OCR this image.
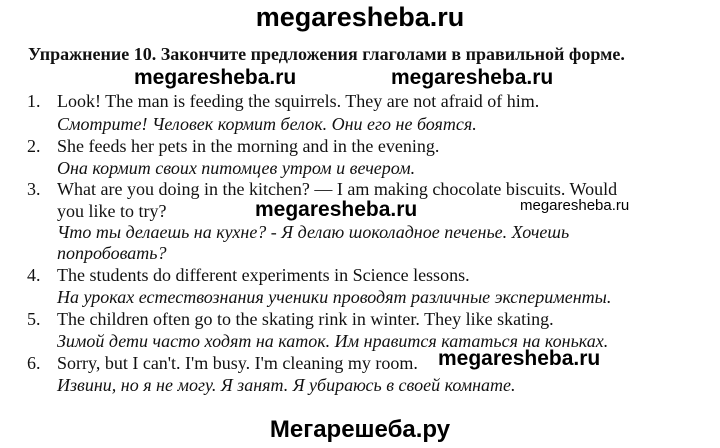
megaresheba.ru
Упражнение 10. Закончите предложения глаголами в правильной форме.
1. Look! The man is feeding the squirrels. They are not afraid of him.
Смотрите! Человек кормит белок. Они его не боятся.
2. She feeds her pets in the morning and in the evening.
Она кормит своих питомцев утром и вечером.
3. What are you doing in the kitchen? — I am making chocolate biscuits. Would
you like to try?
Что ты делаешь на кухне? - Я делаю шоколадное печенье. Хочешь
попробовать?
4. The students do different experiments in Science lessons.
На уроках естествознания ученики проводят различные эксперименты.
5. The children often go to the skating rink in winter. They like skating.
Зимой дети часто ходят на каток. Им нравится кататься на коньках.
6. Sorry, but I can't. I'm busy. I'm cleaning my room.
Извини, но я не могу. Я занят. Я убираюсь в своей комнате.
megaresheba.ru	megaresheba.ru
megaresheba.ru	megaresheba.ru
megaresheba.ru
Мегарешеба.ру
